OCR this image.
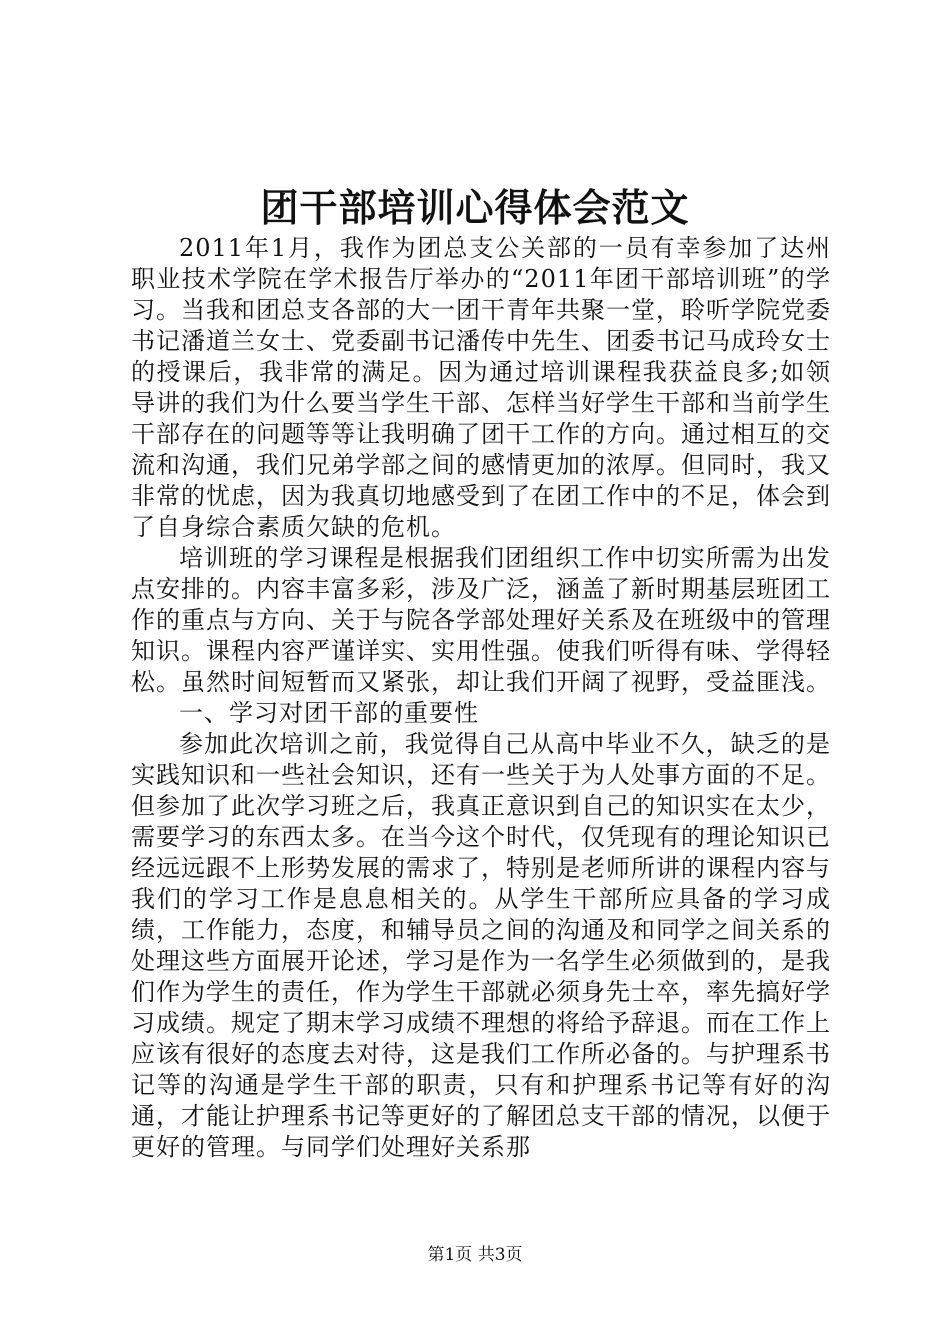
团干部培训心得体会范文

2011年1月，我作为团总支公关部的一员有幸参加了达州职业技术学院在学术报告厅举办的“2011年团干部培训班”的学习。当我和团总支各部的大一团干青年共聚一堂，聆听学院党委书记潘道兰女士、党委副书记潘传中先生、团委书记马成玲女士的授课后，我非常的满足。因为通过培训课程我获益良多;如领导讲的我们为什么要当学生干部、怎样当好学生干部和当前学生干部存在的问题等等让我明确了团干工作的方向。通过相互的交流和沟通，我们兄弟学部之间的感情更加的浓厚。但同时，我又非常的忧虑，因为我真切地感受到了在团工作中的不足，体会到了自身综合素质欠缺的危机。

培训班的学习课程是根据我们团组织工作中切实所需为出发点安排的。内容丰富多彩，涉及广泛，涵盖了新时期基层班团工作的重点与方向、关于与院各学部处理好关系及在班级中的管理知识。课程内容严谨详实、实用性强。使我们听得有味、学得轻松。虽然时间短暂而又紧张，却让我们开阔了视野，受益匪浅。

一、学习对团干部的重要性

参加此次培训之前，我觉得自己从高中毕业不久，缺乏的是实践知识和一些社会知识，还有一些关于为人处事方面的不足。但参加了此次学习班之后，我真正意识到自己的知识实在太少，需要学习的东西太多。在当今这个时代，仅凭现有的理论知识已经远远跟不上形势发展的需求了，特别是老师所讲的课程内容与我们的学习工作是息息相关的。从学生干部所应具备的学习成绩，工作能力，态度，和辅导员之间的沟通及和同学之间关系的处理这些方面展开论述，学习是作为一名学生必须做到的，是我们作为学生的责任，作为学生干部就必须身先士卒，率先搞好学习成绩。规定了期末学习成绩不理想的将给予辞退。而在工作上应该有很好的态度去对待，这是我们工作所必备的。与护理系书记等的沟通是学生干部的职责，只有和护理系书记等有好的沟通，才能让护理系书记等更好的了解团总支干部的情况，以便于更好的管理。与同学们处理好关系那

第1页 共3页
